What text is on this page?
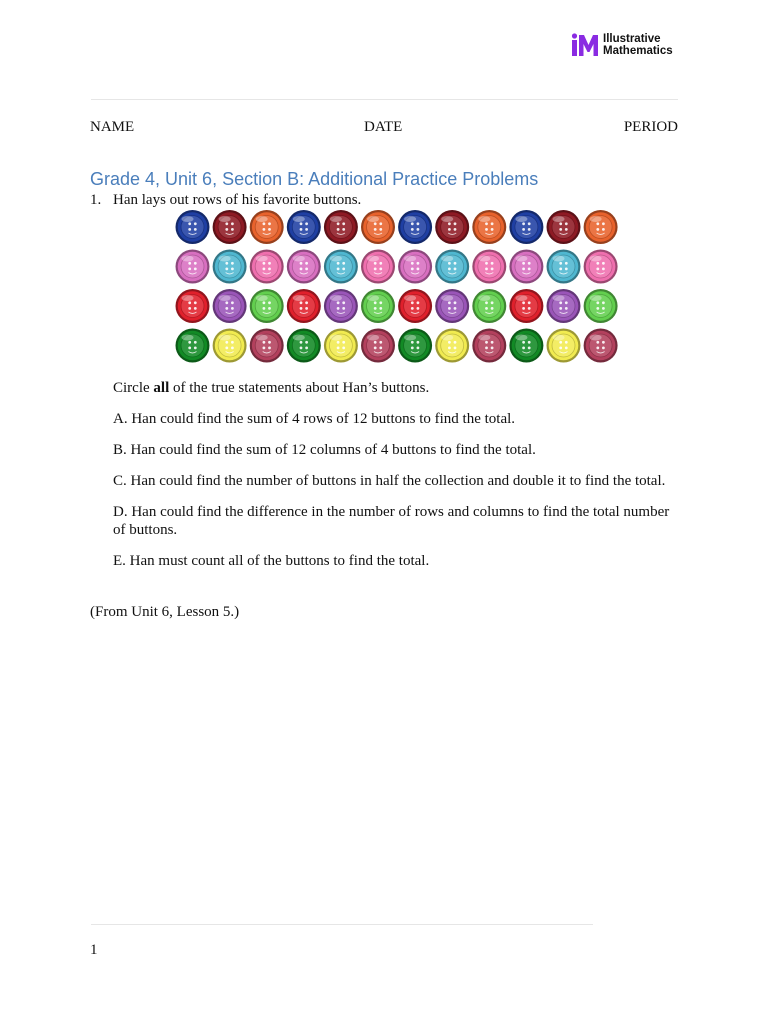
Illustrative
Mathematics
NAME	DATE	PERIOD
Grade 4, Unit 6, Section B: Additional Practice Problems
1. Han lays out rows of his favorite buttons.

Circle all of the true statements about Han’s buttons.

A. Han could find the sum of 4 rows of 12 buttons to find the total.

B. Han could find the sum of 12 columns of 4 buttons to find the total.

C. Han could find the number of buttons in half the collection and double it to find the total.

D. Han could find the difference in the number of rows and columns to find the total number of buttons.

E. Han must count all of the buttons to find the total.

(From Unit 6, Lesson 5.)
1
